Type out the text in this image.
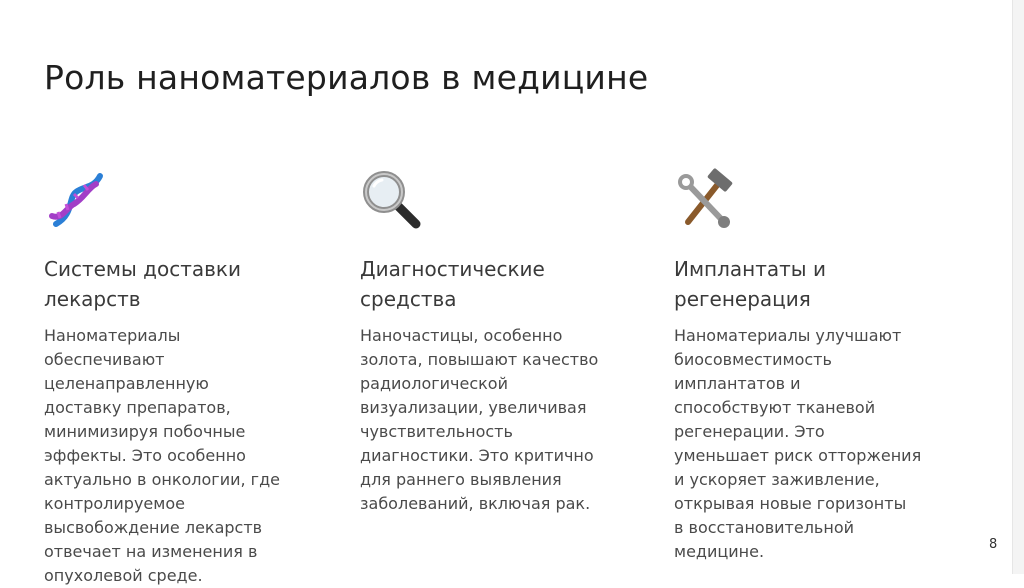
Роль наноматериалов в медицине
Системы доставки
лекарств
Наноматериалы
обеспечивают
целенаправленную
доставку препаратов,
минимизируя побочные
эффекты. Это особенно
актуально в онкологии, где
контролируемое
высвобождение лекарств
отвечает на изменения в
опухолевой среде.
Диагностические
средства
Наночастицы, особенно
золота, повышают качество
радиологической
визуализации, увеличивая
чувствительность
диагностики. Это критично
для раннего выявления
заболеваний, включая рак.
Имплантаты и
регенерация
Наноматериалы улучшают
биосовместимость
имплантатов и
способствуют тканевой
регенерации. Это
уменьшает риск отторжения
и ускоряет заживление,
открывая новые горизонты
в восстановительной
медицине.	8
